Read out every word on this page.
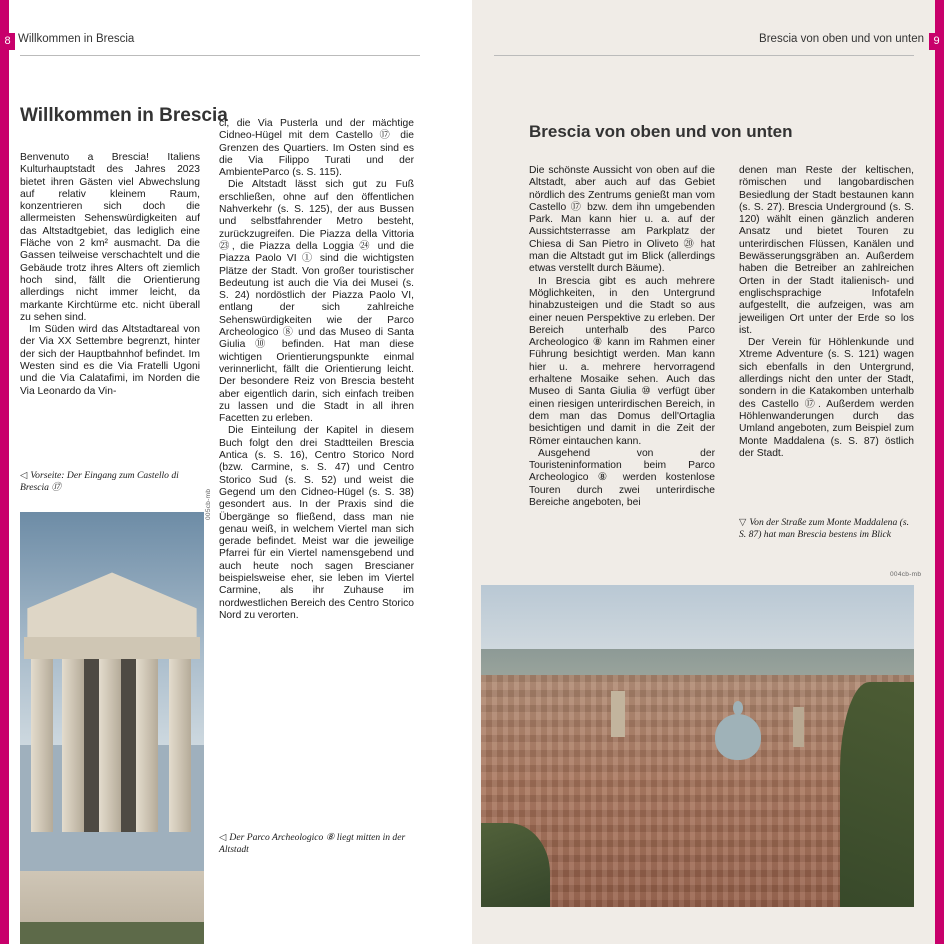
8 Willkommen in Brescia
Willkommen in Brescia

Benvenuto a Brescia! Italiens Kulturhauptstadt des Jahres 2023 bietet ihren Gästen viel Abwechslung auf relativ kleinem Raum, konzentrieren sich doch die allermeisten Sehenswürdigkeiten auf das Altstadtgebiet, das lediglich eine Fläche von 2 km² ausmacht. Da die Gassen teilweise verschachtelt und die Gebäude trotz ihres Alters oft ziemlich hoch sind, fällt die Orientierung allerdings nicht immer leicht, da markante Kirchtürme etc. nicht überall zu sehen sind.

Im Süden wird das Altstadtareal von der Via XX Settembre begrenzt, hinter der sich der Hauptbahnhof befindet. Im Westen sind es die Via Fratelli Ugoni und die Via Calatafimi, im Norden die Via Leonardo da Vin-

ci, die Via Pusterla und der mächtige Cidneo-Hügel mit dem Castello ⑰ die Grenzen des Quartiers. Im Osten sind es die Via Filippo Turati und der AmbienteParco (s. S. 115).

Die Altstadt lässt sich gut zu Fuß erschließen, ohne auf den öffentlichen Nahverkehr (s. S. 125), der aus Bussen und selbstfahrender Metro besteht, zurückzugreifen. Die Piazza della Vittoria ㉓, die Piazza della Loggia ㉔ und die Piazza Paolo VI ① sind die wichtigsten Plätze der Stadt. Von großer touristischer Bedeutung ist auch die Via dei Musei (s. S. 24) nordöstlich der Piazza Paolo VI, entlang der sich zahlreiche Sehenswürdigkeiten wie der Parco Archeologico ⑧ und das Museo di Santa Giulia ⑩ befinden. Hat man diese wichtigen Orientierungspunkte einmal verinnerlicht, fällt die Orientierung leicht. Der besondere Reiz von Brescia besteht aber eigentlich darin, sich einfach treiben zu lassen und die Stadt in all ihren Facetten zu erleben.

Die Einteilung der Kapitel in diesem Buch folgt den drei Stadtteilen Brescia Antica (s. S. 16), Centro Storico Nord (bzw. Carmine, s. S. 47) und Centro Storico Sud (s. S. 52) und weist die Gegend um den Cidneo-Hügel (s. S. 38) gesondert aus. In der Praxis sind die Übergänge so fließend, dass man nie genau weiß, in welchem Viertel man sich gerade befindet. Meist war die jeweilige Pfarrei für ein Viertel namensgebend und auch heute noch sagen Brescianer beispielsweise eher, sie leben im Viertel Carmine, als ihr Zuhause im nordwestlichen Bereich des Centro Storico Nord zu verorten.

◁ Vorseite: Der Eingang zum Castello di Brescia ⑰
005cb-mb
◁ Der Parco Archeologico ⑧ liegt mitten in der Altstadt
Brescia von oben und von unten 9
Brescia von oben und von unten

Die schönste Aussicht von oben auf die Altstadt, aber auch auf das Gebiet nördlich des Zentrums genießt man vom Castello ⑰ bzw. dem ihn umgebenden Park. Man kann hier u. a. auf der Aussichtsterrasse am Parkplatz der Chiesa di San Pietro in Oliveto ⑳ hat man die Altstadt gut im Blick (allerdings etwas verstellt durch Bäume).

In Brescia gibt es auch mehrere Möglichkeiten, in den Untergrund hinabzusteigen und die Stadt so aus einer neuen Perspektive zu erleben. Der Bereich unterhalb des Parco Archeologico ⑧ kann im Rahmen einer Führung besichtigt werden. Man kann hier u. a. mehrere hervorragend erhaltene Mosaike sehen. Auch das Museo di Santa Giulia ⑩ verfügt über einen riesigen unterirdischen Bereich, in dem man das Domus dell'Ortaglia besichtigen und damit in die Zeit der Römer eintauchen kann.

Ausgehend von der Touristeninformation beim Parco Archeologico ⑧ werden kostenlose Touren durch zwei unterirdische Bereiche angeboten, bei

denen man Reste der keltischen, römischen und langobardischen Besiedlung der Stadt bestaunen kann (s. S. 27). Brescia Underground (s. S. 120) wählt einen gänzlich anderen Ansatz und bietet Touren zu unterirdischen Flüssen, Kanälen und Bewässerungsgräben an. Außerdem haben die Betreiber an zahlreichen Orten in der Stadt italienisch- und englischsprachige Infotafeln aufgestellt, die aufzeigen, was am jeweiligen Ort unter der Erde so los ist.

Der Verein für Höhlenkunde und Xtreme Adventure (s. S. 121) wagen sich ebenfalls in den Untergrund, allerdings nicht den unter der Stadt, sondern in die Katakomben unterhalb des Castello ⑰. Außerdem werden Höhlenwanderungen durch das Umland angeboten, zum Beispiel zum Monte Maddalena (s. S. 87) östlich der Stadt.

▽ Von der Straße zum Monte Maddalena (s. S. 87) hat man Brescia bestens im Blick
004cb-mb
